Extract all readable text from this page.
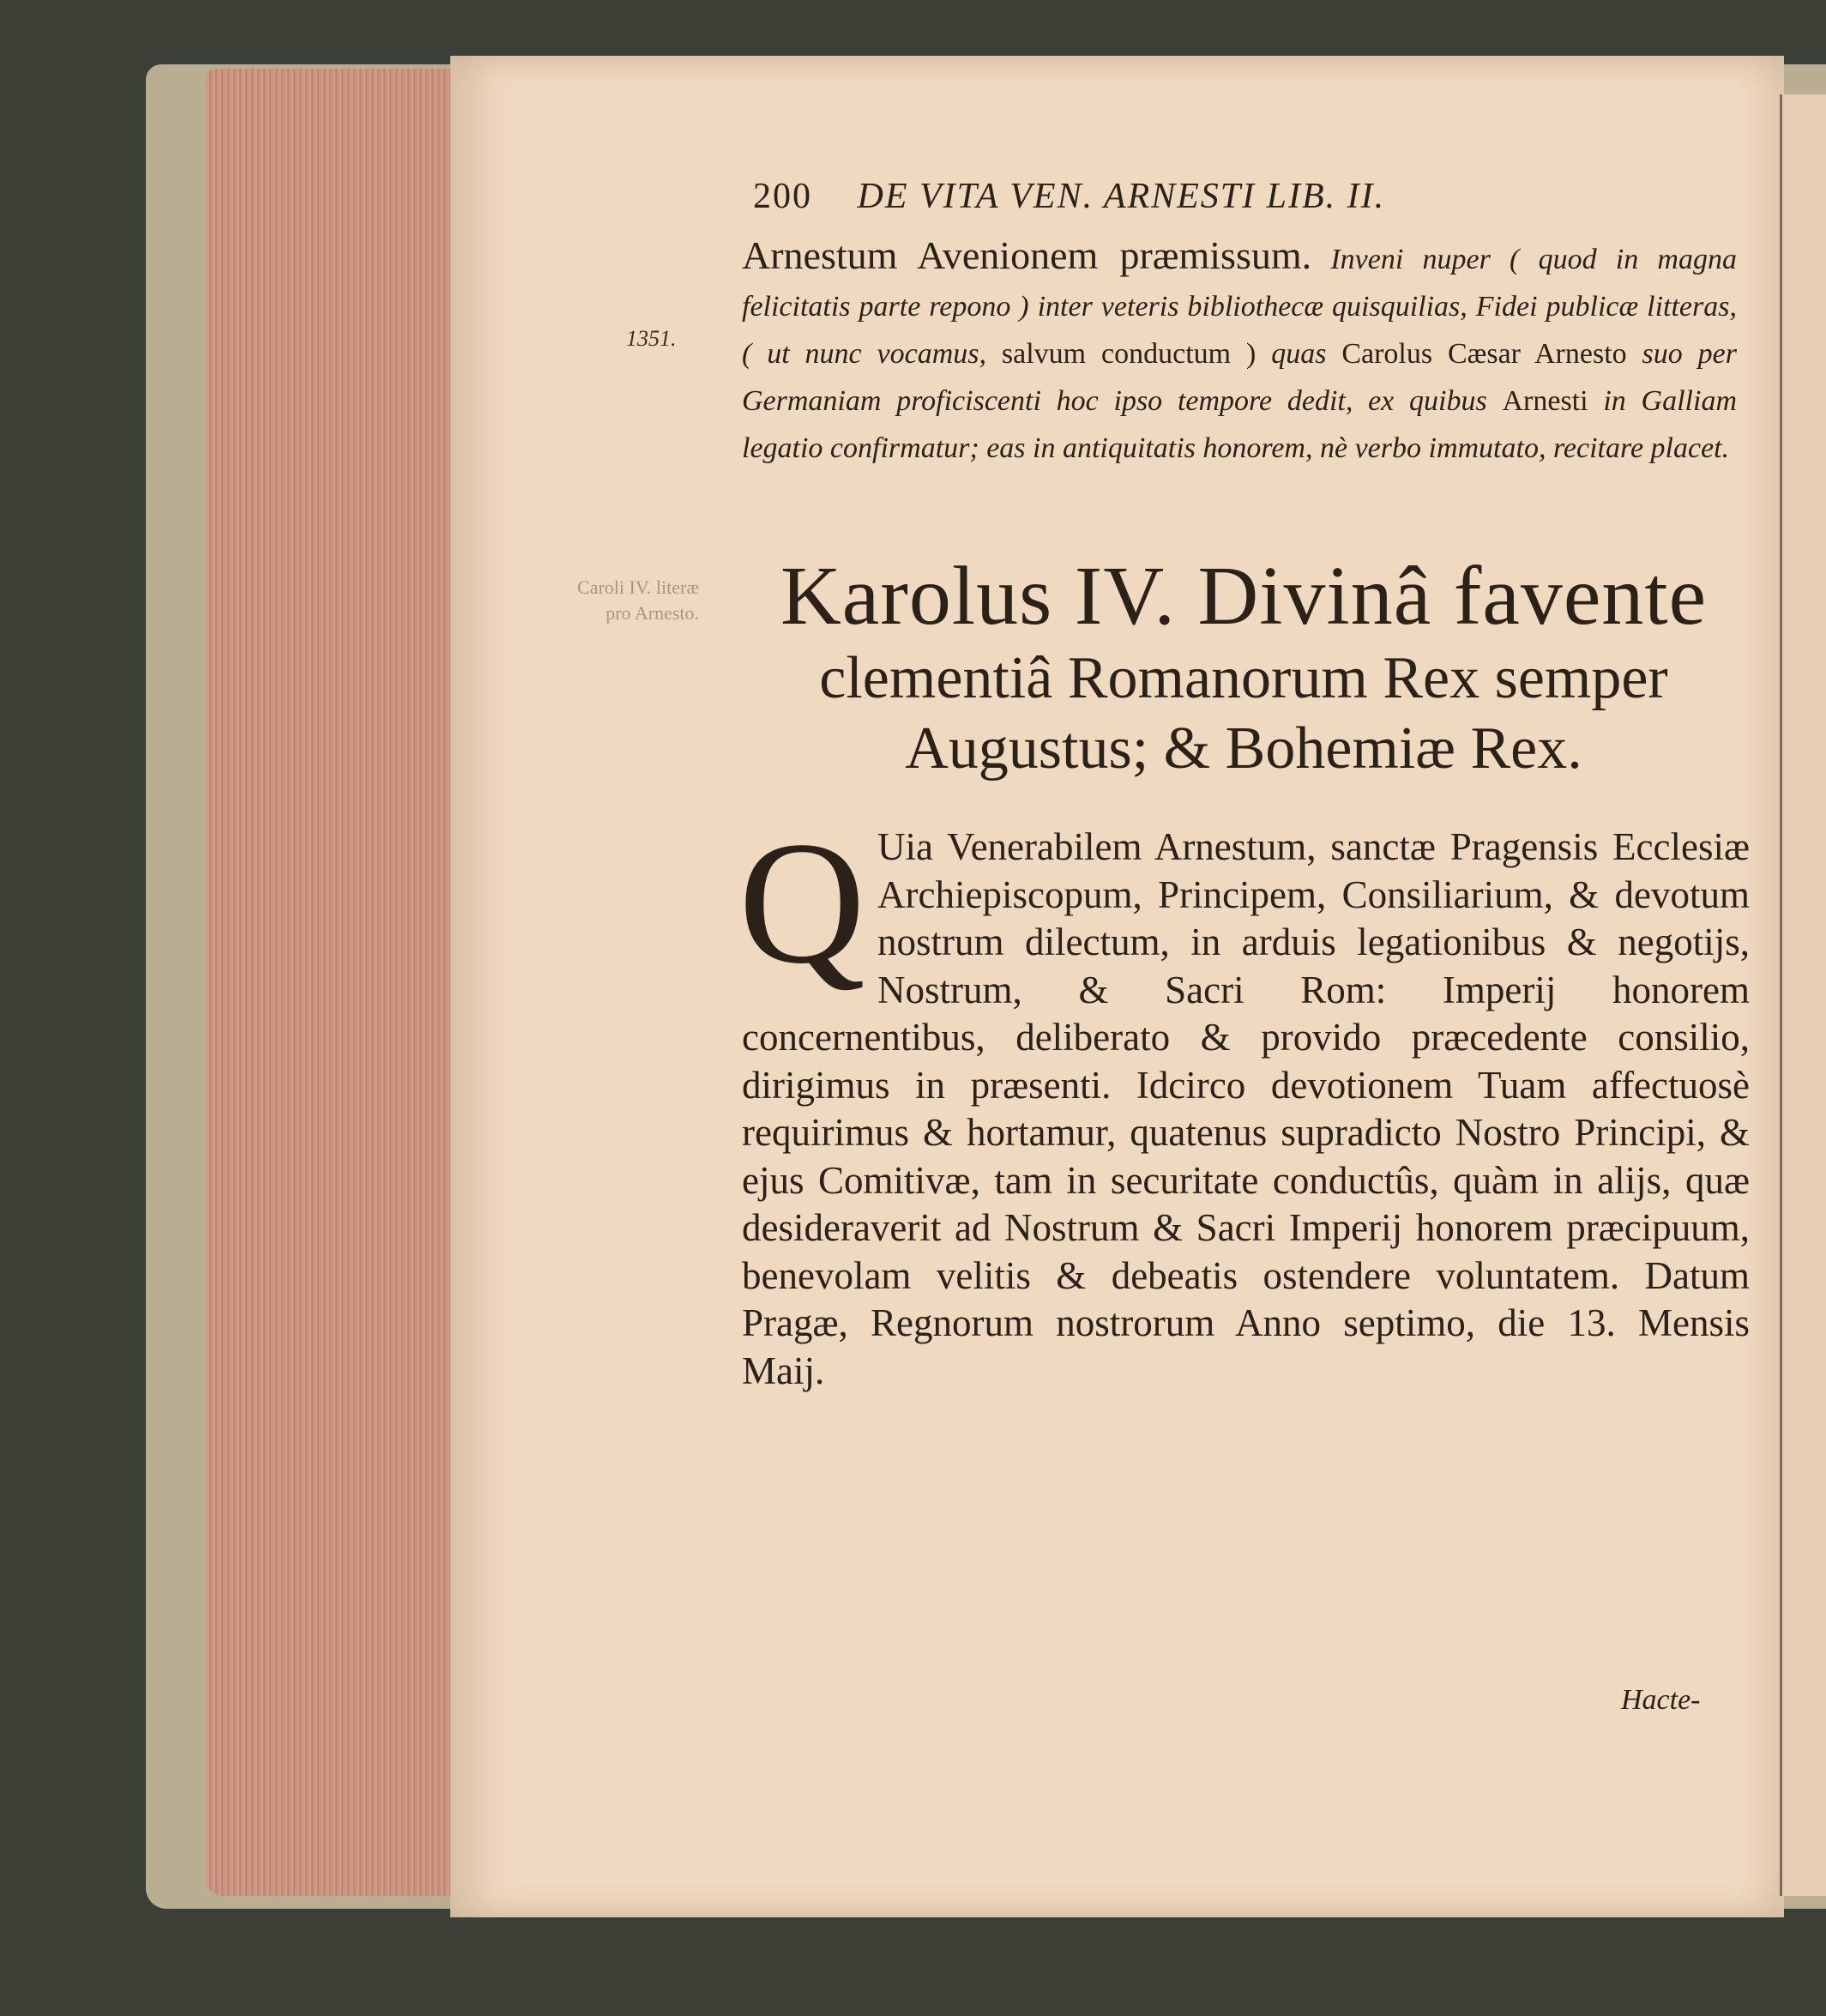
200 DE VITA VEN. ARNESTI LIB. II.
1351.
Caroli IV. literæ pro Arnesto.
Arnestum Avenionem præmissum. Inveni nuper ( quod in magna felicitatis parte repono ) inter veteris bibliothecæ quisquilias, Fidei publicæ litteras, ( ut nunc vocamus, salvum conductum ) quas Carolus Cæsar Arnesto suo per Germaniam proficiscenti hoc ipso tempore dedit, ex quibus Arnesti in Galliam legatio confirmatur; eas in antiquitatis honorem, nè verbo immutato, recitare placet.
Karolus IV. Divinâ favente
clementiâ Romanorum Rex semper
Augustus; & Bohemiæ Rex.
Q Uia Venerabilem Arnestum, sanctæ Pragensis Ecclesiæ Archiepiscopum, Principem, Consiliarium, & devotum nostrum dilectum, in arduis legationibus & negotijs, Nostrum, & Sacri Rom: Imperij honorem concernentibus, deliberato & provido præcedente consilio, dirigimus in præsenti. Idcirco devotionem Tuam affectuosè requirimus & hortamur, quatenus supradicto Nostro Principi, & ejus Comitivæ, tam in securitate conductûs, quàm in alijs, quæ desideraverit ad Nostrum & Sacri Imperij honorem præcipuum, benevolam velitis & debeatis ostendere voluntatem. Datum Pragæ, Regnorum nostrorum Anno septimo, die 13. Mensis Maij.
Hacte-
